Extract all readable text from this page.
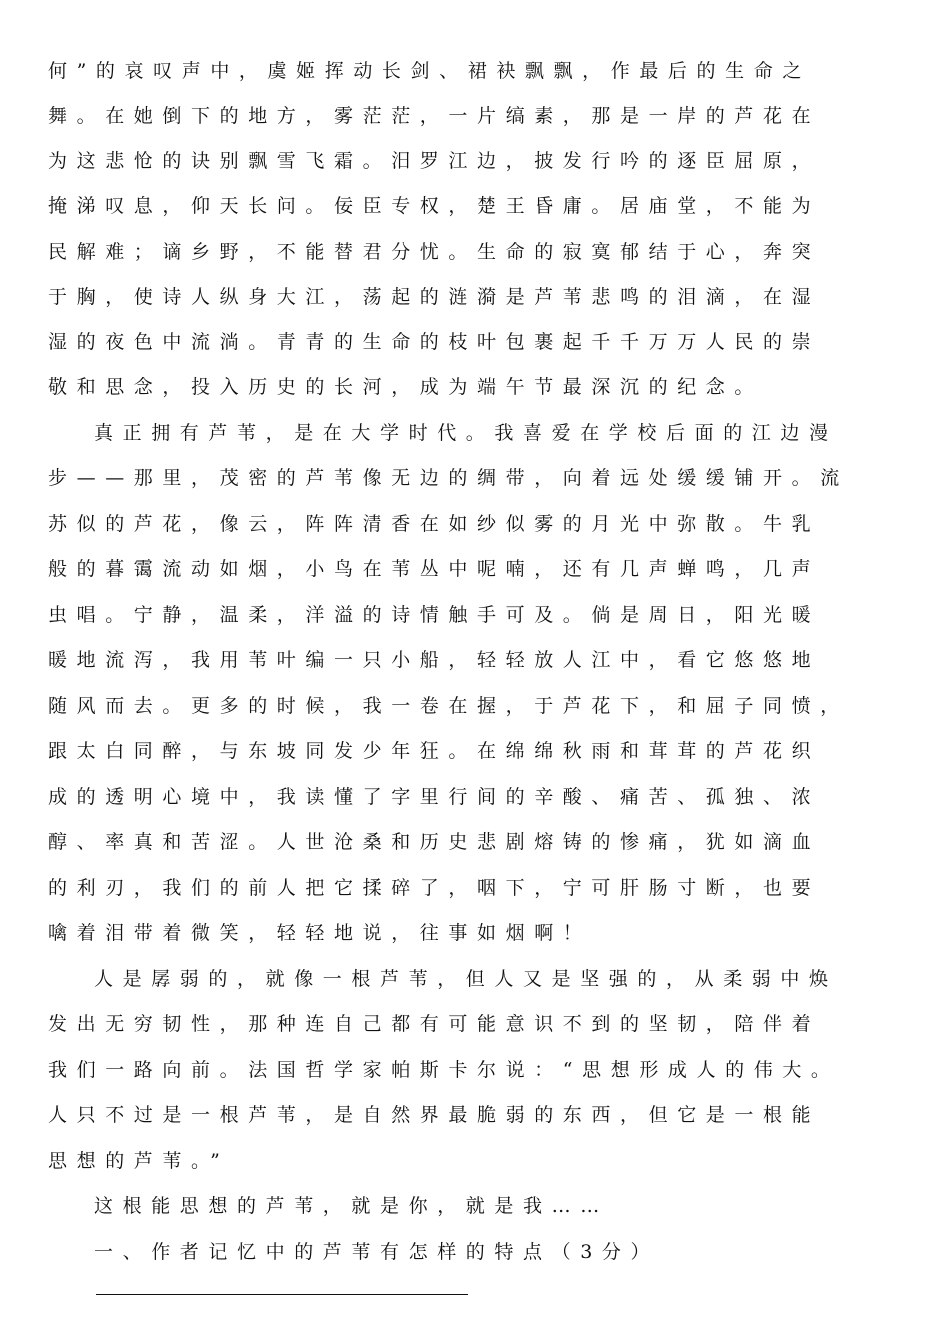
何”的哀叹声中，虞姬挥动长剑、裙袂飘飘，作最后的生命之
舞。在她倒下的地方，雾茫茫，一片缟素，那是一岸的芦花在
为这悲怆的诀别飘雪飞霜。汨罗江边，披发行吟的逐臣屈原，
掩涕叹息，仰天长问。佞臣专权，楚王昏庸。居庙堂，不能为
民解难；谪乡野，不能替君分忧。生命的寂寞郁结于心，奔突
于胸，使诗人纵身大江，荡起的涟漪是芦苇悲鸣的泪滴，在湿
湿的夜色中流淌。青青的生命的枝叶包裹起千千万万人民的崇
敬和思念，投入历史的长河，成为端午节最深沉的纪念。
真正拥有芦苇，是在大学时代。我喜爱在学校后面的江边漫
步——那里，茂密的芦苇像无边的绸带，向着远处缓缓铺开。流
苏似的芦花，像云，阵阵清香在如纱似雾的月光中弥散。牛乳
般的暮霭流动如烟，小鸟在苇丛中呢喃，还有几声蝉鸣，几声
虫唱。宁静，温柔，洋溢的诗情触手可及。倘是周日，阳光暖
暖地流泻，我用苇叶编一只小船，轻轻放人江中，看它悠悠地
随风而去。更多的时候，我一卷在握，于芦花下，和屈子同愤，
跟太白同醉，与东坡同发少年狂。在绵绵秋雨和茸茸的芦花织
成的透明心境中，我读懂了字里行间的辛酸、痛苦、孤独、浓
醇、率真和苦涩。人世沧桑和历史悲剧熔铸的惨痛，犹如滴血
的利刃，我们的前人把它揉碎了，咽下，宁可肝肠寸断，也要
噙着泪带着微笑，轻轻地说，往事如烟啊！
人是孱弱的，就像一根芦苇，但人又是坚强的，从柔弱中焕
发出无穷韧性，那种连自己都有可能意识不到的坚韧，陪伴着
我们一路向前。法国哲学家帕斯卡尔说：“思想形成人的伟大。
人只不过是一根芦苇，是自然界最脆弱的东西，但它是一根能
思想的芦苇。”
这根能思想的芦苇，就是你，就是我……
一、作者记忆中的芦苇有怎样的特点（3分）
